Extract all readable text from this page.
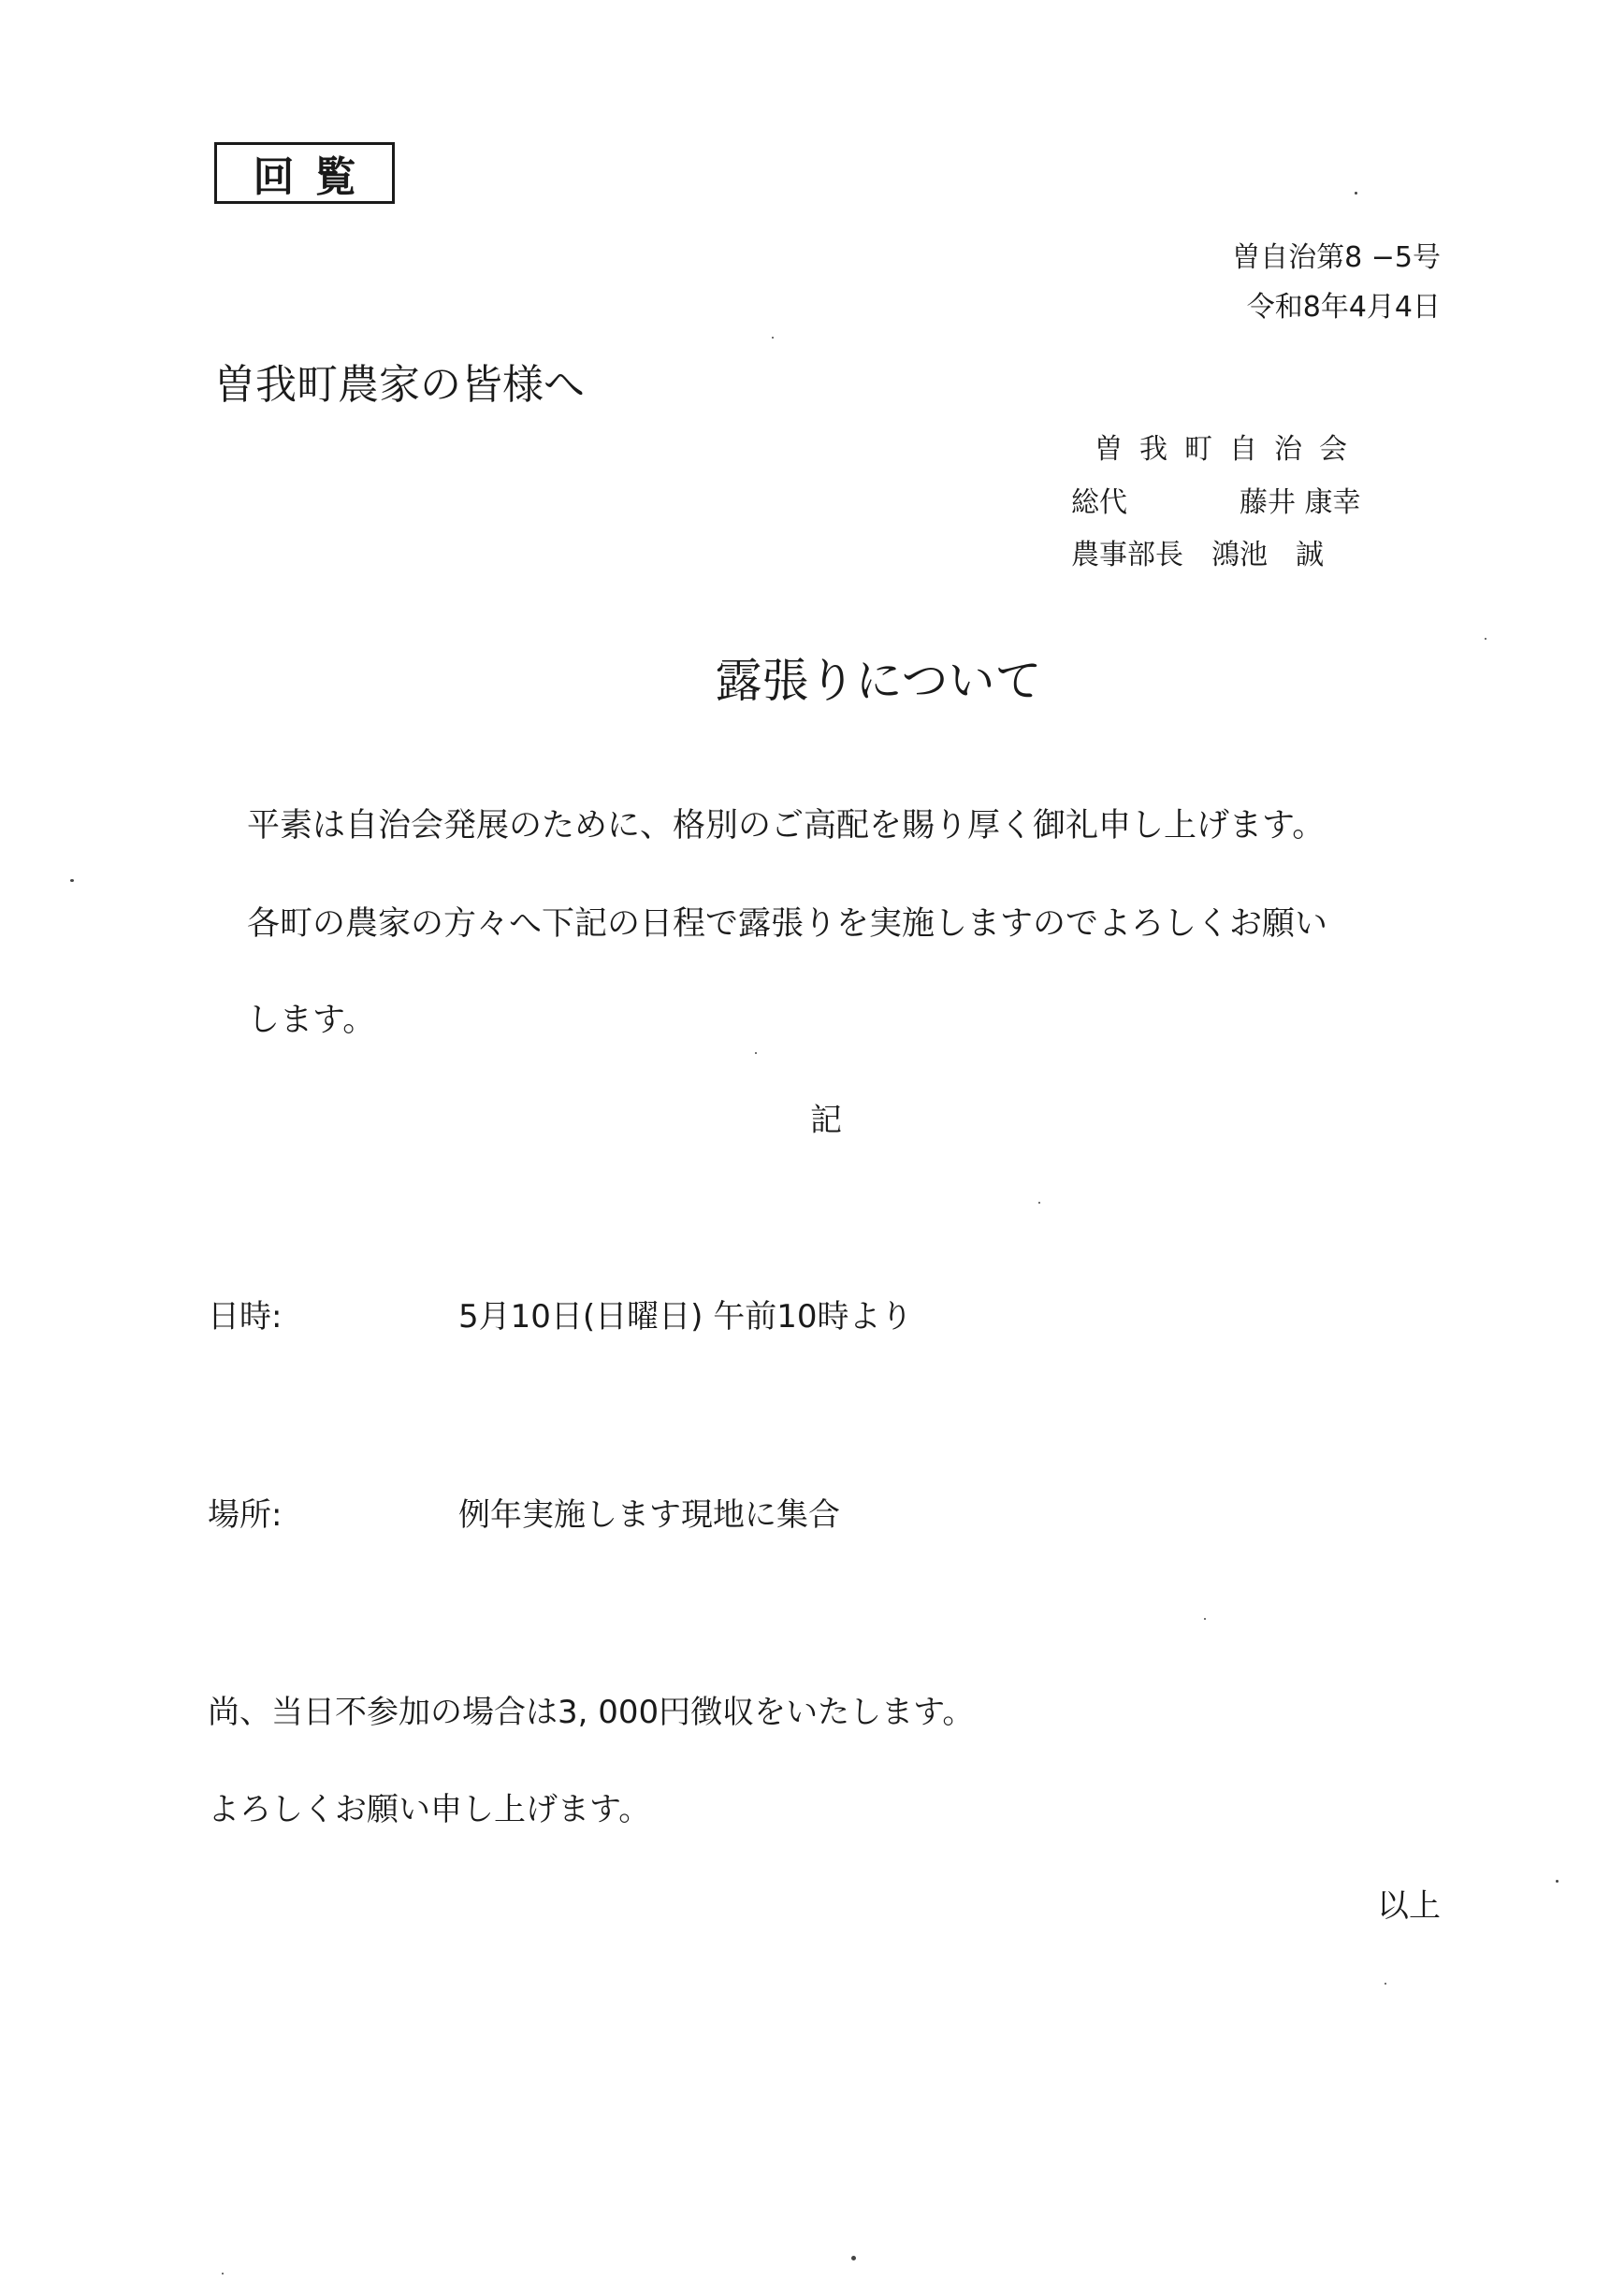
回覧
曽自治第8 −5号
令和8年4月4日
曽我町農家の皆様へ
曽我町自治会
総代	藤井 康幸
農事部長	鴻池　誠
露張りについて
平素は自治会発展のために、格別のご高配を賜り厚く御礼申し上げます。
各町の農家の方々へ下記の日程で露張りを実施しますのでよろしくお願い
します。
記
日時:	5月10日(日曜日) 午前10時より
場所:	例年実施します現地に集合
尚、当日不参加の場合は3, 000円徴収をいたします。
よろしくお願い申し上げます。
以上
